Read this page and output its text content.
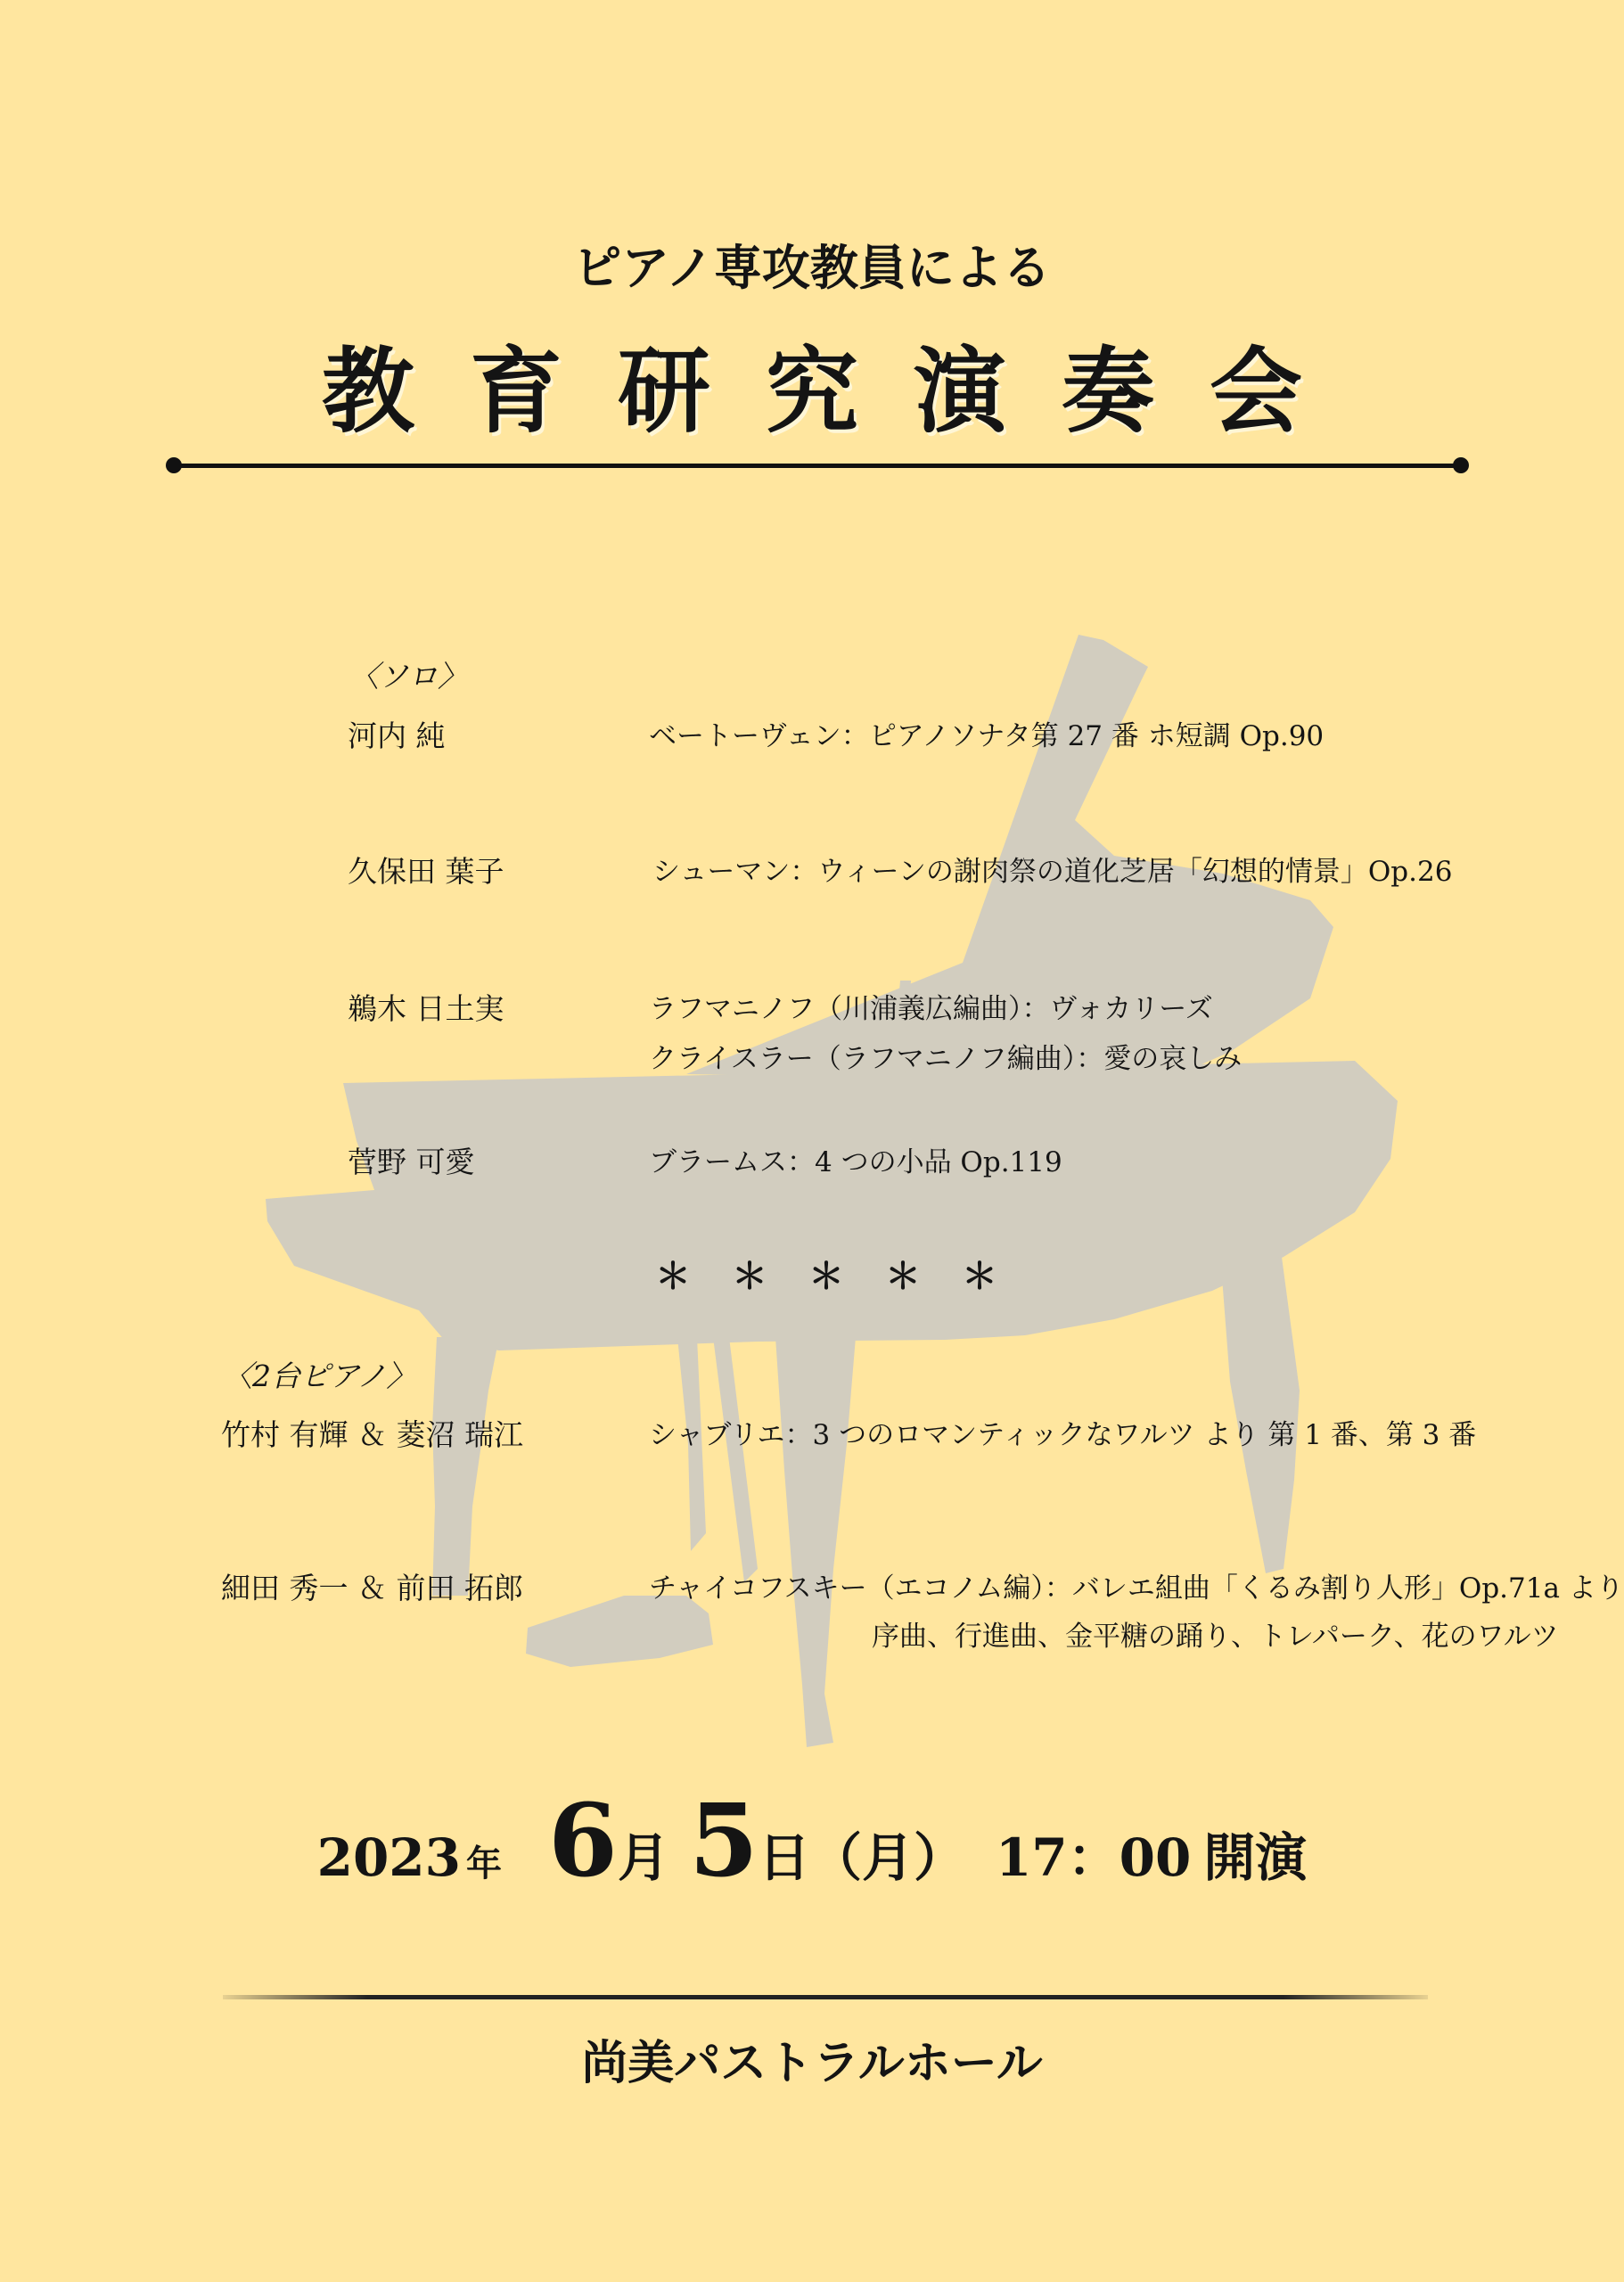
ピアノ専攻教員による
教育研究演奏会
〈ソロ〉
河内 純	ベートーヴェン：ピアノソナタ第 27 番 ホ短調 Op.90
久保田 葉子	シューマン：ウィーンの謝肉祭の道化芝居「幻想的情景」Op.26
鵜木 日土実	ラフマニノフ（川浦義広編曲）：ヴォカリーズ
クライスラー（ラフマニノフ編曲）：愛の哀しみ
菅野 可愛	ブラームス：4 つの小品 Op.119
＊＊＊＊＊
〈2台ピアノ〉
竹村 有輝 ＆ 菱沼 瑞江	シャブリエ：3 つのロマンティックなワルツ より 第 1 番、第 3 番
細田 秀一 ＆ 前田 拓郎	チャイコフスキー（エコノム編）：バレエ組曲「くるみ割り人形」Op.71a より
序曲、行進曲、金平糖の踊り、トレパーク、花のワルツ
2023 年 6月 5日（月） 17：00 開演
尚美パストラルホール
